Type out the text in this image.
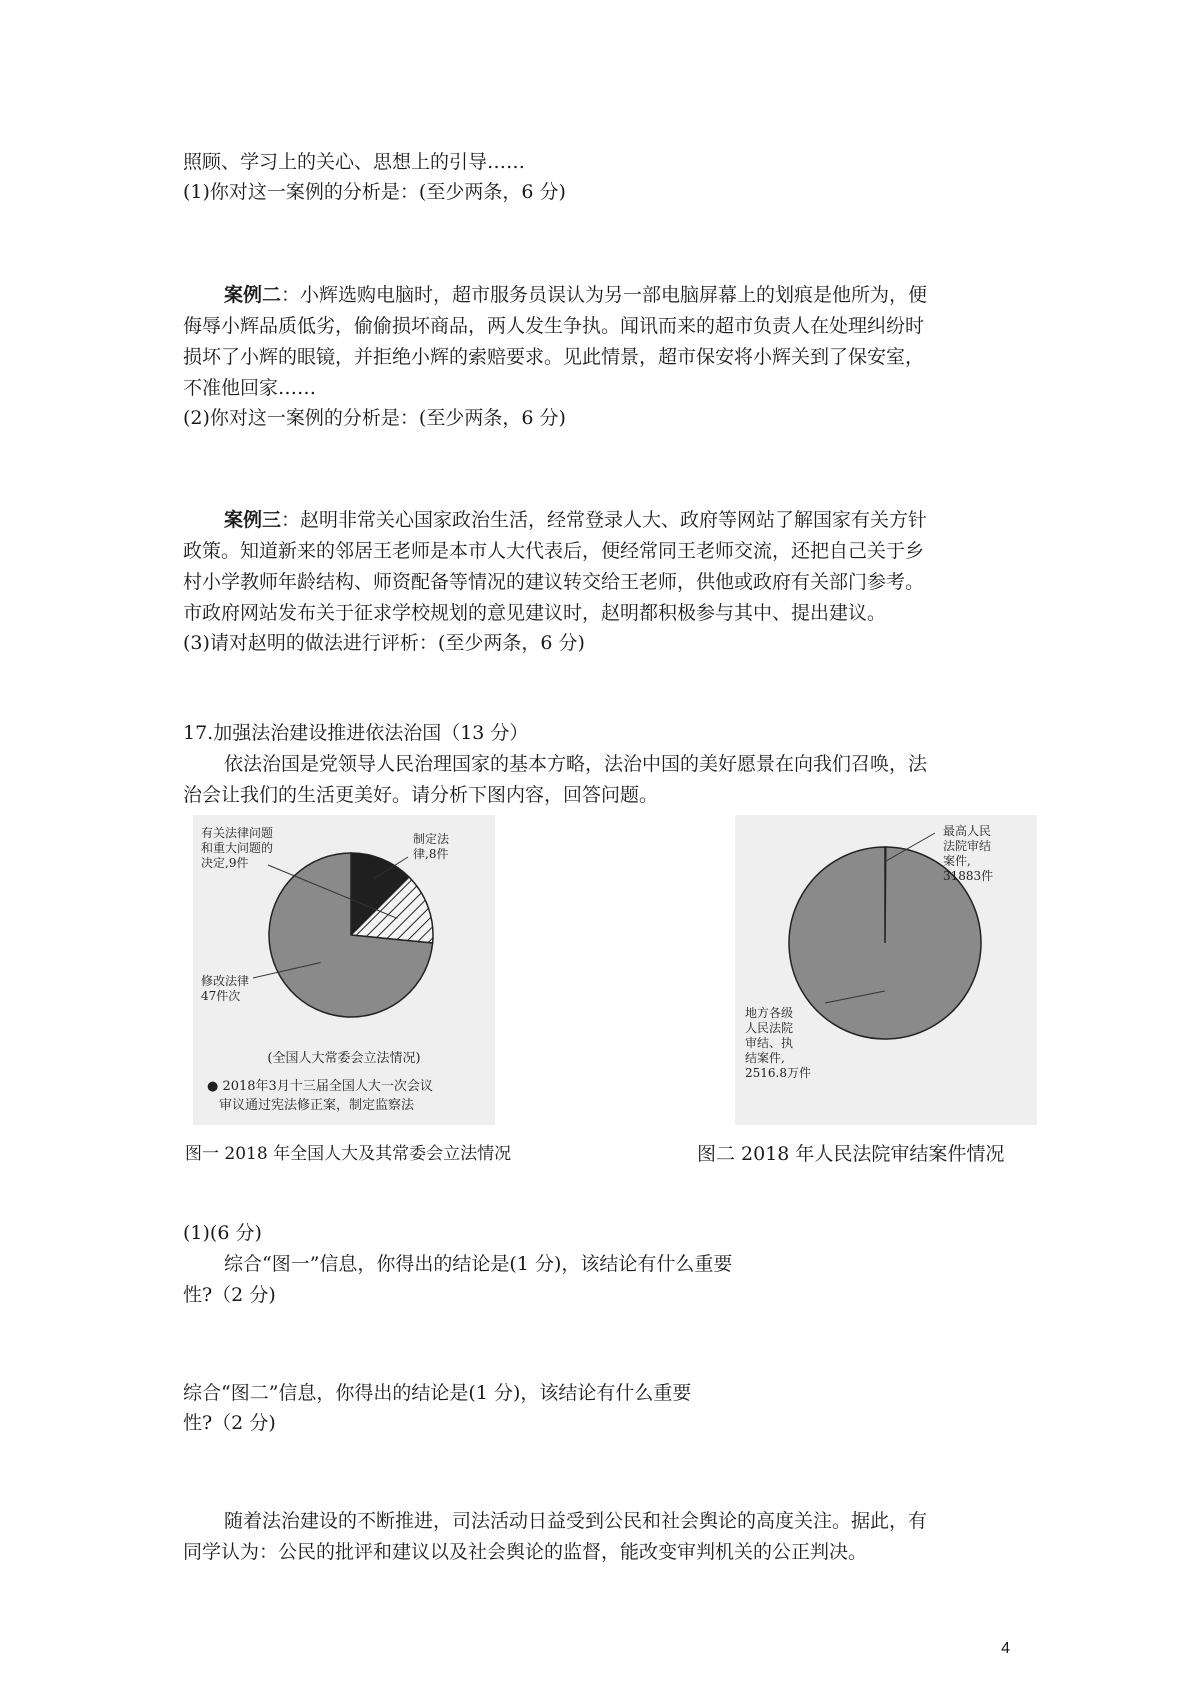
照顾、学习上的关心、思想上的引导……
(1)你对这一案例的分析是：(至少两条，6 分)
案例二：小辉选购电脑时，超市服务员误认为另一部电脑屏幕上的划痕是他所为，便
侮辱小辉品质低劣，偷偷损坏商品，两人发生争执。闻讯而来的超市负责人在处理纠纷时
损坏了小辉的眼镜，并拒绝小辉的索赔要求。见此情景，超市保安将小辉关到了保安室，
不准他回家……
(2)你对这一案例的分析是：(至少两条，6 分)
案例三：赵明非常关心国家政治生活，经常登录人大、政府等网站了解国家有关方针
政策。知道新来的邻居王老师是本市人大代表后，便经常同王老师交流，还把自己关于乡
村小学教师年龄结构、师资配备等情况的建议转交给王老师，供他或政府有关部门参考。
市政府网站发布关于征求学校规划的意见建议时，赵明都积极参与其中、提出建议。
(3)请对赵明的做法进行评析：(至少两条，6 分)
17.加强法治建设推进依法治国（13 分）
依法治国是党领导人民治理国家的基本方略，法治中国的美好愿景在向我们召唤，法
治会让我们的生活更美好。请分析下图内容，回答问题。
制定法律,8件
有关法律问题和重大问题的决定,9件
修改法律 47件次
(全国人大常委会立法情况)
● 2018年3月十三届全国人大一次会议
审议通过宪法修正案，制定监察法
图一 2018 年全国人大及其常委会立法情况
最高人民法院审结案件, 31883件
地方各级人民法院审结、执结案件, 2516.8万件
图二 2018 年人民法院审结案件情况
(1)(6 分)
综合“图一”信息，你得出的结论是(1 分)，该结论有什么重要
性?（2 分)
综合“图二”信息，你得出的结论是(1 分)，该结论有什么重要
性?（2 分)
随着法治建设的不断推进，司法活动日益受到公民和社会舆论的高度关注。据此，有
同学认为：公民的批评和建议以及社会舆论的监督，能改变审判机关的公正判决。
4
